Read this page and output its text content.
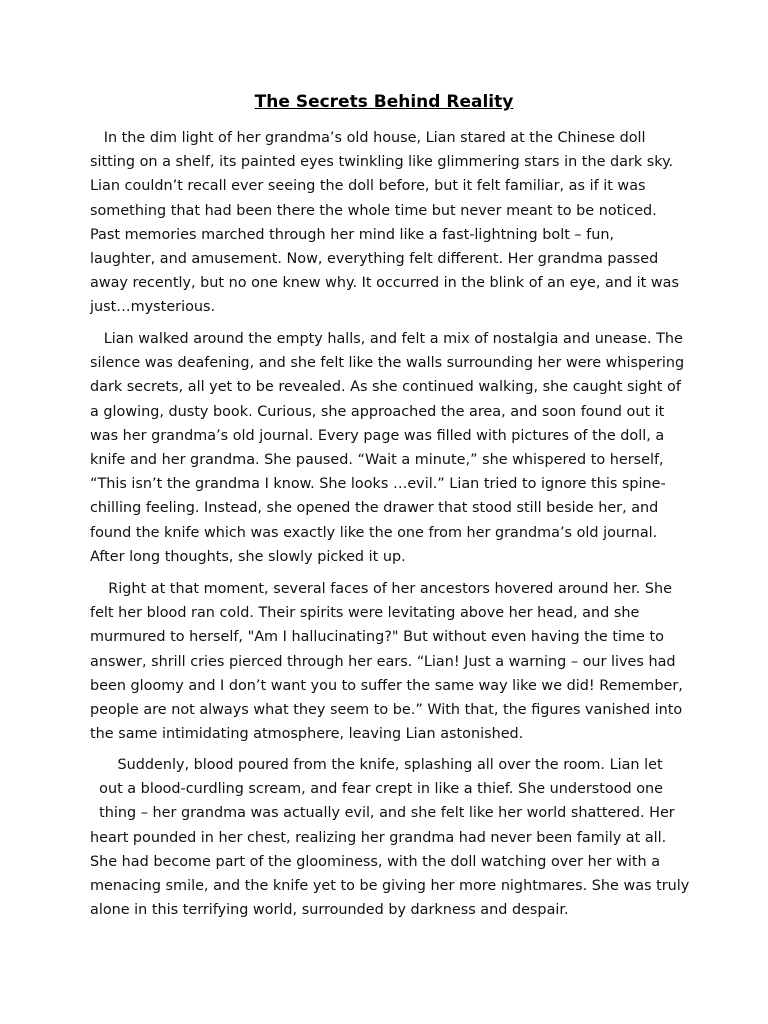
The Secrets Behind Reality

In the dim light of her grandma’s old house, Lian stared at the Chinese doll
sitting on a shelf, its painted eyes twinkling like glimmering stars in the dark sky.
Lian couldn’t recall ever seeing the doll before, but it felt familiar, as if it was
something that had been there the whole time but never meant to be noticed.
Past memories marched through her mind like a fast-lightning bolt – fun,
laughter, and amusement. Now, everything felt different. Her grandma passed
away recently, but no one knew why. It occurred in the blink of an eye, and it was
just…mysterious.

Lian walked around the empty halls, and felt a mix of nostalgia and unease. The
silence was deafening, and she felt like the walls surrounding her were whispering
dark secrets, all yet to be revealed. As she continued walking, she caught sight of
a glowing, dusty book. Curious, she approached the area, and soon found out it
was her grandma’s old journal. Every page was filled with pictures of the doll, a
knife and her grandma. She paused. “Wait a minute,” she whispered to herself,
“This isn’t the grandma I know. She looks …evil.” Lian tried to ignore this spine-
chilling feeling. Instead, she opened the drawer that stood still beside her, and
found the knife which was exactly like the one from her grandma’s old journal.
After long thoughts, she slowly picked it up.

Right at that moment, several faces of her ancestors hovered around her. She
felt her blood ran cold. Their spirits were levitating above her head, and she
murmured to herself, "Am I hallucinating?" But without even having the time to
answer, shrill cries pierced through her ears. “Lian! Just a warning – our lives had
been gloomy and I don’t want you to suffer the same way like we did! Remember,
people are not always what they seem to be.” With that, the figures vanished into
the same intimidating atmosphere, leaving Lian astonished.

Suddenly, blood poured from the knife, splashing all over the room. Lian let
out a blood-curdling scream, and fear crept in like a thief. She understood one
thing – her grandma was actually evil, and she felt like her world shattered. Her
heart pounded in her chest, realizing her grandma had never been family at all.
She had become part of the gloominess, with the doll watching over her with a
menacing smile, and the knife yet to be giving her more nightmares. She was truly
alone in this terrifying world, surrounded by darkness and despair.
